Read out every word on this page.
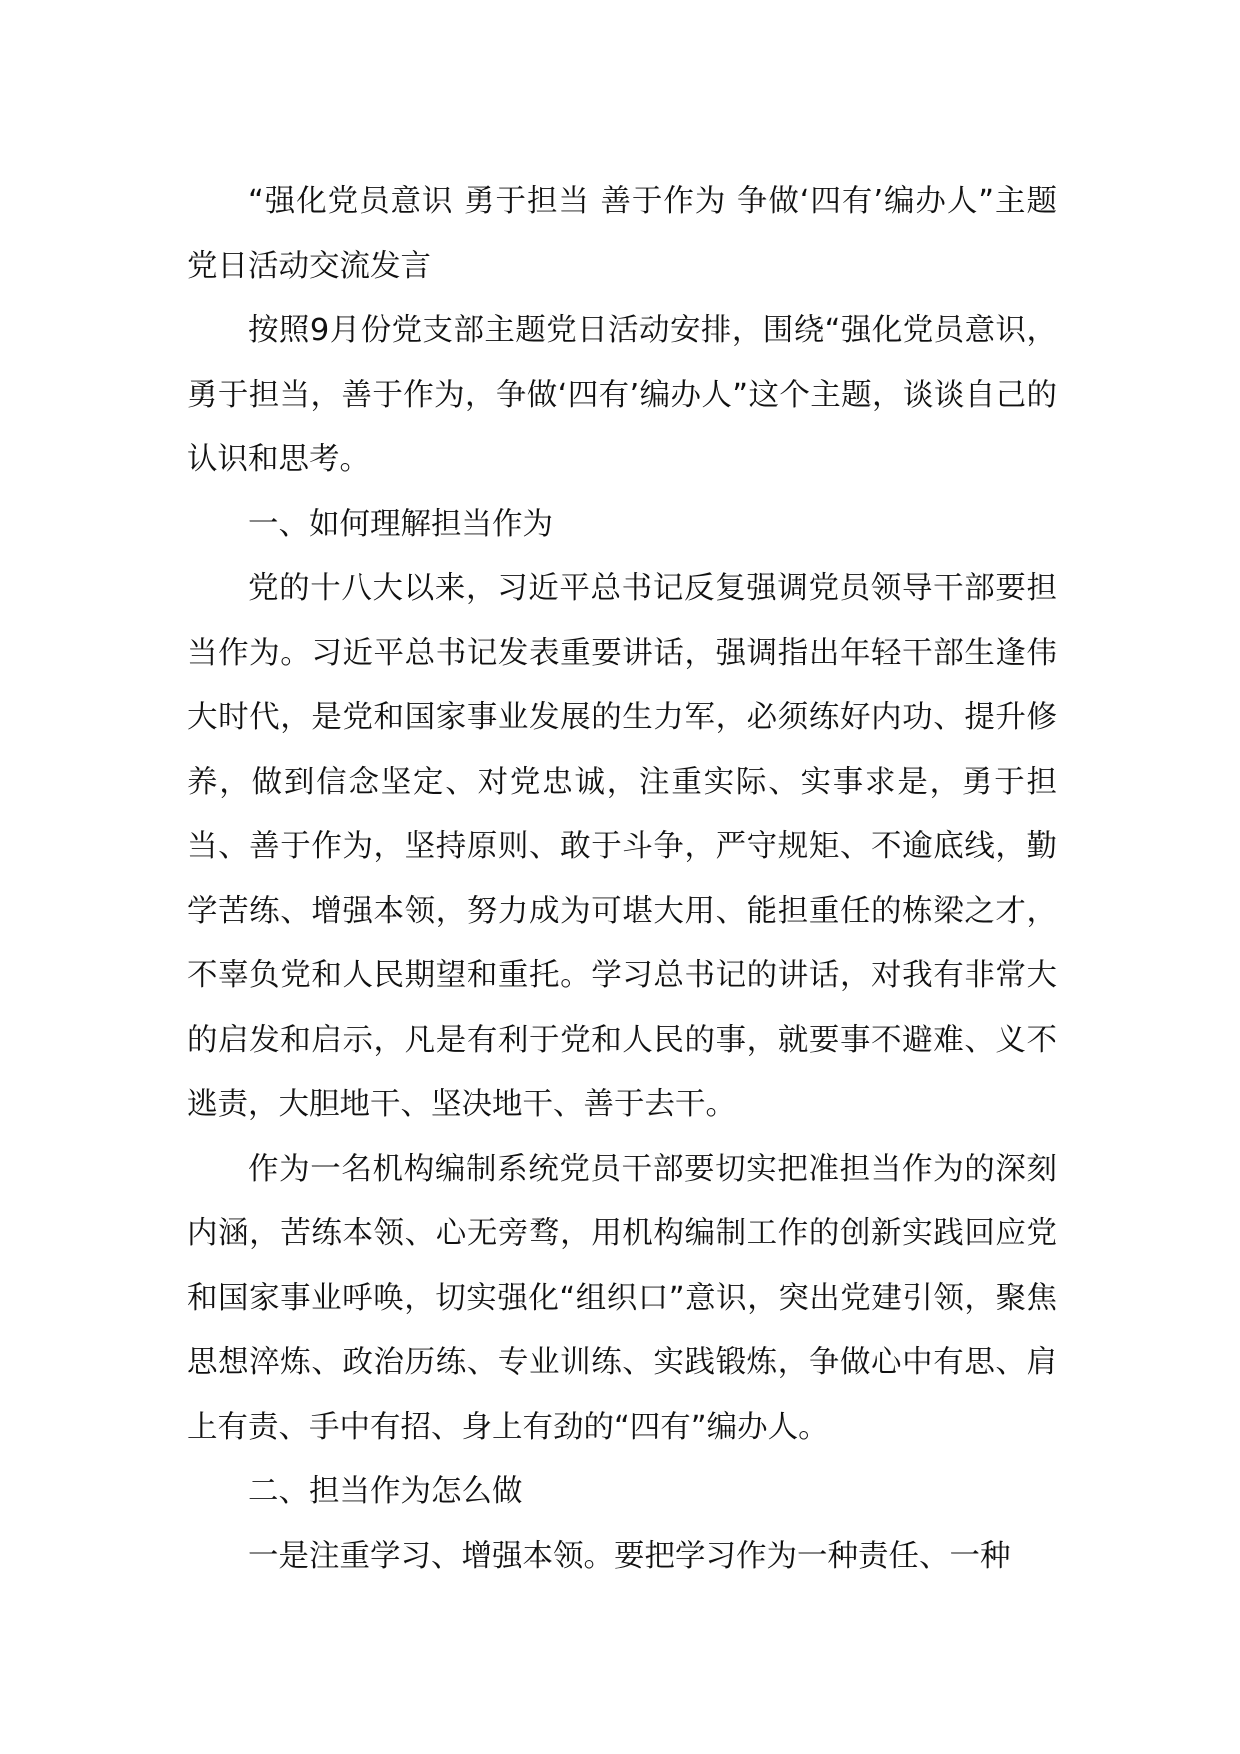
“强化党员意识 勇于担当 善于作为 争做‘四有’编办人”主题党日活动交流发言

按照9月份党支部主题党日活动安排，围绕“强化党员意识，勇于担当，善于作为，争做‘四有’编办人”这个主题，谈谈自己的认识和思考。

一、如何理解担当作为

党的十八大以来，习近平总书记反复强调党员领导干部要担当作为。习近平总书记发表重要讲话，强调指出年轻干部生逢伟大时代，是党和国家事业发展的生力军，必须练好内功、提升修养，做到信念坚定、对党忠诚，注重实际、实事求是，勇于担当、善于作为，坚持原则、敢于斗争，严守规矩、不逾底线，勤学苦练、增强本领，努力成为可堪大用、能担重任的栋梁之才，不辜负党和人民期望和重托。学习总书记的讲话，对我有非常大的启发和启示，凡是有利于党和人民的事，就要事不避难、义不逃责，大胆地干、坚决地干、善于去干。

作为一名机构编制系统党员干部要切实把准担当作为的深刻内涵，苦练本领、心无旁骛，用机构编制工作的创新实践回应党和国家事业呼唤，切实强化“组织口”意识，突出党建引领，聚焦思想淬炼、政治历练、专业训练、实践锻炼，争做心中有思、肩上有责、手中有招、身上有劲的“四有”编办人。

二、担当作为怎么做

一是注重学习、增强本领。要把学习作为一种责任、一种
